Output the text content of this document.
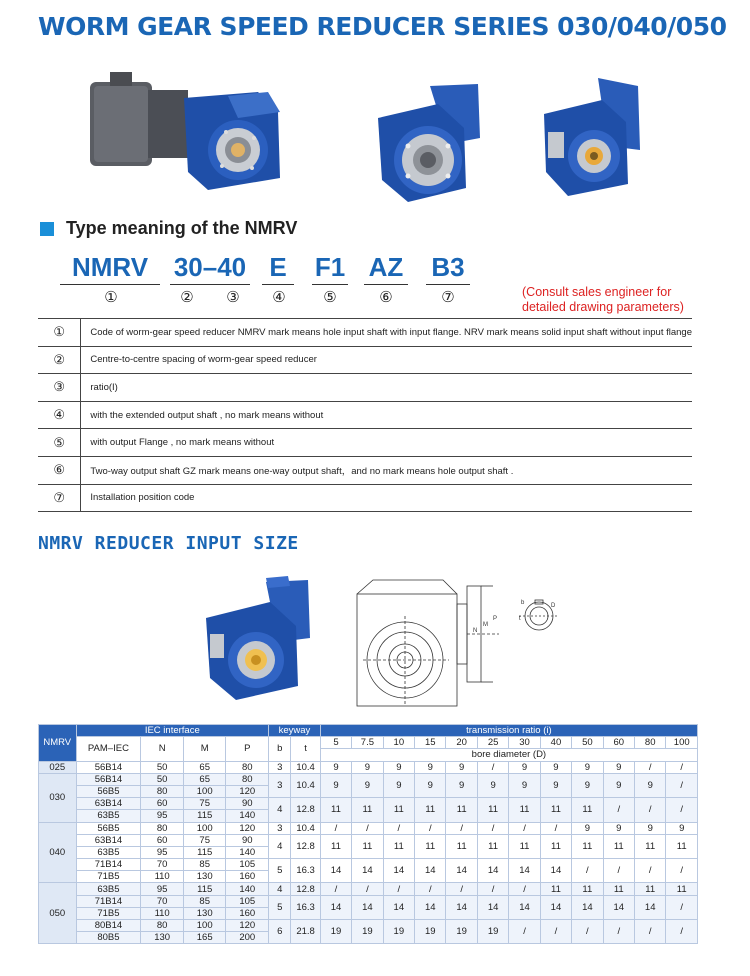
WORM GEAR SPEED REDUCER SERIES 030/040/050
Type meaning of the NMRV
NMRV 30–40 E F1 AZ B3
①	②	③	④	⑤	⑥	⑦	(Consult sales engineer for
detailed drawing parameters)
①	Code of worm-gear speed reducer NMRV mark means hole input shaft with input flange. NRV mark means solid input shaft without input flange
②	Centre-to-centre spacing of worm-gear speed reducer
③	ratio(I)
④	with the extended output shaft , no mark means without
⑤	with output Flange , no mark means without
⑥	Two-way output shaft GZ mark means one-way output shaft，and no mark means hole output shaft .
⑦	Installation position code
NMRV REDUCER INPUT SIZE
b
t
D
N
M
P
NMRV	IEC interface				keyway		transmission ratio (i)											
	PAM–IEC	N	M	P	b	t	5	7.5	10	15	20	25	30	40	50	60	80	100
							bore diameter (D)											
025	56B14	50	65	80	3	10.4	9	9	9	9	9	/	9	9	9	9	/	/
030	56B14	50	65	80	3	10.4	9	9	9	9	9	9	9	9	9	9	9	/
	56B5	80	100	120														
	63B14	60	75	90	4	12.8	11	11	11	11	11	11	11	11	11	/	/	/
	63B5	95	115	140														
040	56B5	80	100	120	3	10.4	/	/	/	/	/	/	/	/	9	9	9	9
	63B14	60	75	90	4	12.8	11	11	11	11	11	11	11	11	11	11	11	11
	63B5	95	115	140														
	71B14	70	85	105	5	16.3	14	14	14	14	14	14	14	14	/	/	/	/
	71B5	110	130	160														
050	63B5	95	115	140	4	12.8	/	/	/	/	/	/	/	11	11	11	11	11
	71B14	70	85	105	5	16.3	14	14	14	14	14	14	14	14	14	14	14	/
	71B5	110	130	160														
	80B14	80	100	120	6	21.8	19	19	19	19	19	19	/	/	/	/	/	/
	80B5	130	165	200														
